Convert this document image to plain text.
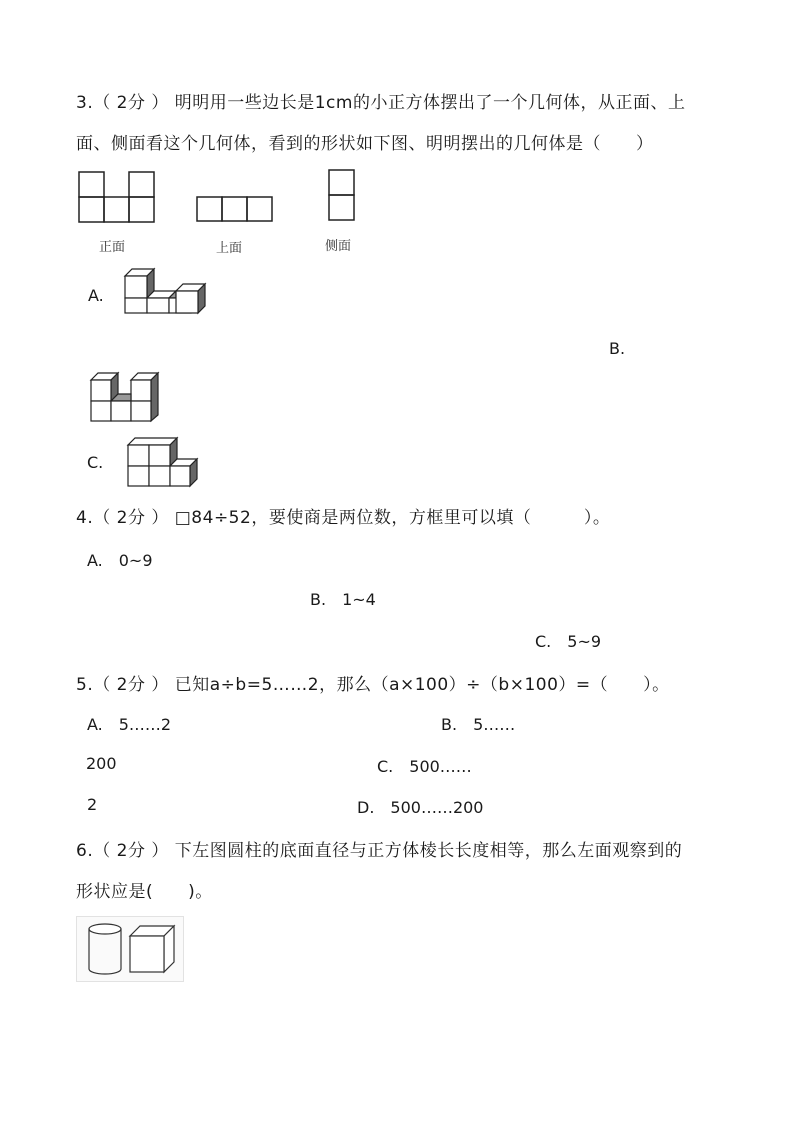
3.（ 2分 ） 明明用一些边长是1cm的小正方体摆出了一个几何体，从正面、上
面、侧面看这个几何体，看到的形状如下图、明明摆出的几何体是（　　）
正面	上面	侧面
A.
B.
C.
4.（ 2分 ） □84÷52，要使商是两位数，方框里可以填（　　　）。
A.　0~9
B.　1~4
C.　5~9
5.（ 2分 ） 已知a÷b=5……2，那么（a×100）÷（b×100）=（　　）。
A.　5……2	B.　5……
200	C.　500……
2	D.　500……200
6.（ 2分 ） 下左图圆柱的底面直径与正方体棱长长度相等，那么左面观察到的
形状应是(　　)。
